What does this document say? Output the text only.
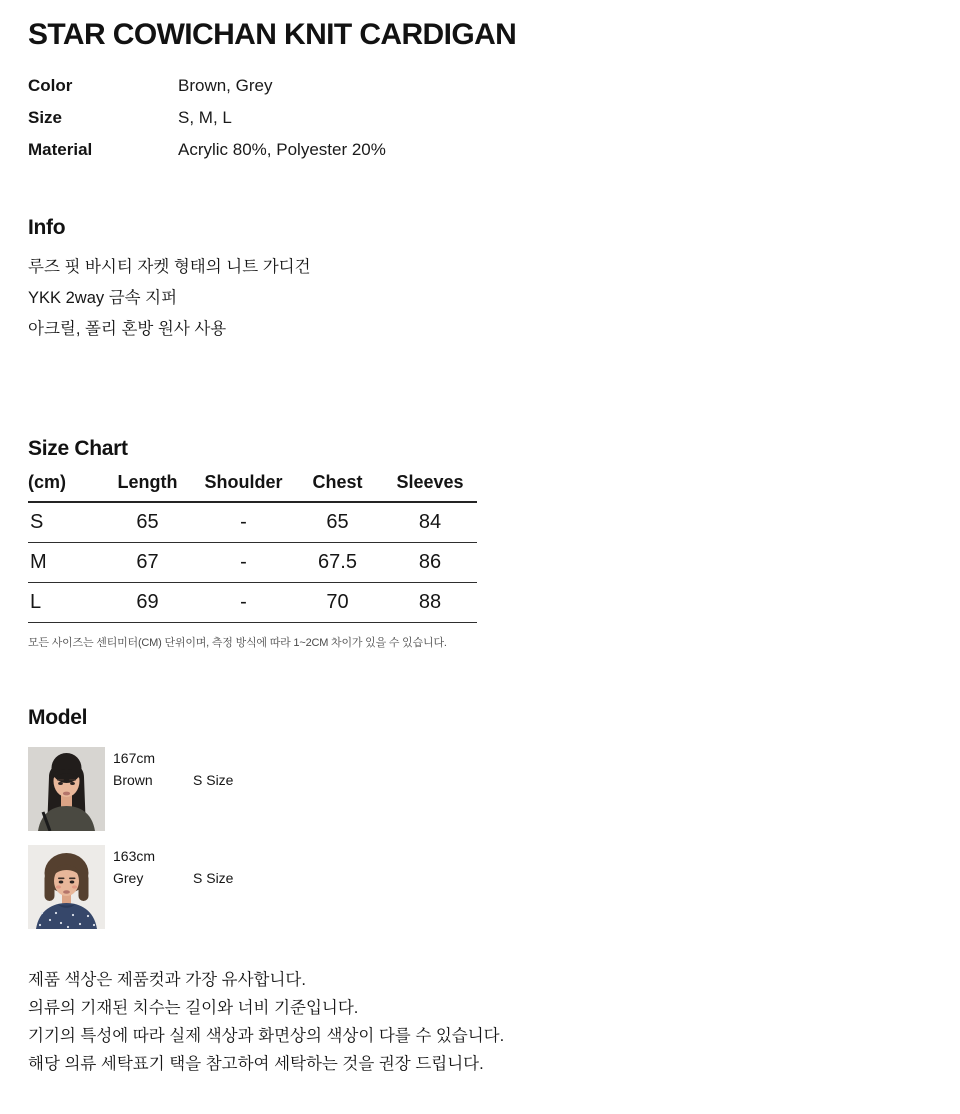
STAR COWICHAN KNIT CARDIGAN
Color	Brown, Grey
Size	S, M, L
Material	Acrylic 80%, Polyester 20%
Info
루즈 핏 바시티 자켓 형태의 니트 가디건
YKK 2way 금속 지퍼
아크릴, 폴리 혼방 원사 사용
Size Chart
(cm)	Length	Shoulder	Chest	Sleeves
S	65	-	65	84
M	67	-	67.5	86
L	69	-	70	88
모든 사이즈는 센티미터(CM) 단위이며, 측정 방식에 따라 1~2CM 차이가 있을 수 있습니다.
Model
167cm
Brown	S Size
163cm
Grey	S Size
제품 색상은 제품컷과 가장 유사합니다.
의류의 기재된 치수는 길이와 너비 기준입니다.
기기의 특성에 따라 실제 색상과 화면상의 색상이 다를 수 있습니다.
해당 의류 세탁표기 택을 참고하여 세탁하는 것을 권장 드립니다.
